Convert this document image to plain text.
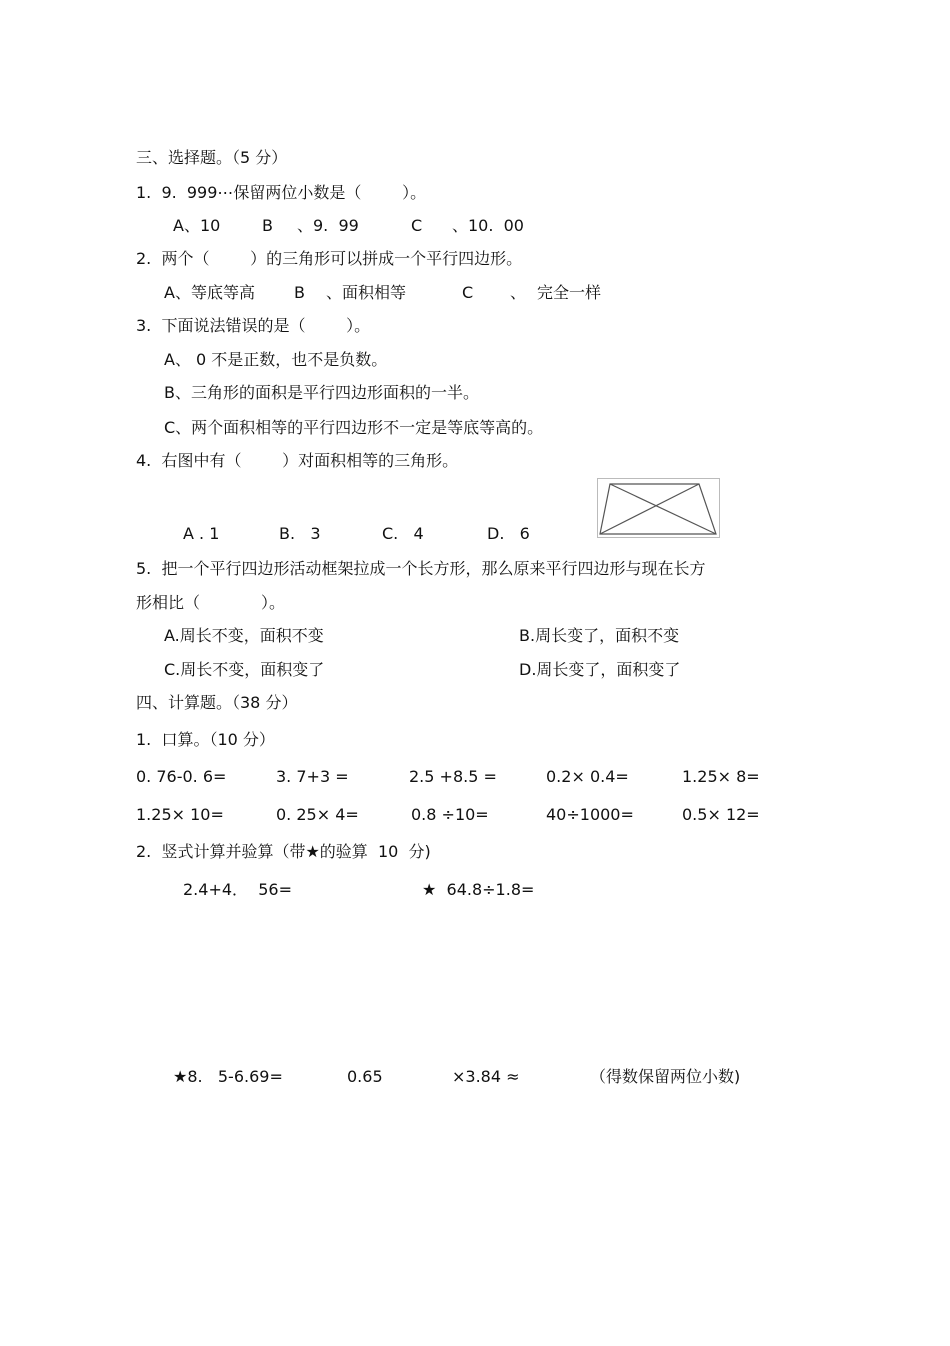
三、选择题。（5 分）
1.  9.  999⋯保留两位小数是（        ）。
A、10	B 、9.  99	C 、10.  00
2.  两个（        ）的三角形可以拼成一个平行四边形。
A、等底等高 B 、面积相等	C 、 完全一样
3.  下面说法错误的是（        ）。
A、 0 不是正数，也不是负数。
B、三角形的面积是平行四边形面积的一半。
C、两个面积相等的平行四边形不一定是等底等高的。
4.  右图中有（        ）对面积相等的三角形。
A . 1	B.   3	C.   4	D.   6
5.  把一个平行四边形活动框架拉成一个长方形，那么原来平行四边形与现在长方
形相比（            ）。
A.周长不变，面积不变	B.周长变了，面积不变
C.周长不变，面积变了	D.周长变了，面积变了
四、计算题。（38 分）
1.  口算。（10 分）
0. 76-0. 6=	3. 7+3 =	2.5 +8.5 =	0.2× 0.4=	1.25× 8=
1.25× 10=	0. 25× 4=	0.8 ÷10=	40÷1000=	0.5× 12=
2.  竖式计算并验算（带★的验算  10  分)
2.4+4．  56=	★  64.8÷1.8=
★8.   5-6.69=	0.65	×3.84 ≈	（得数保留两位小数)
